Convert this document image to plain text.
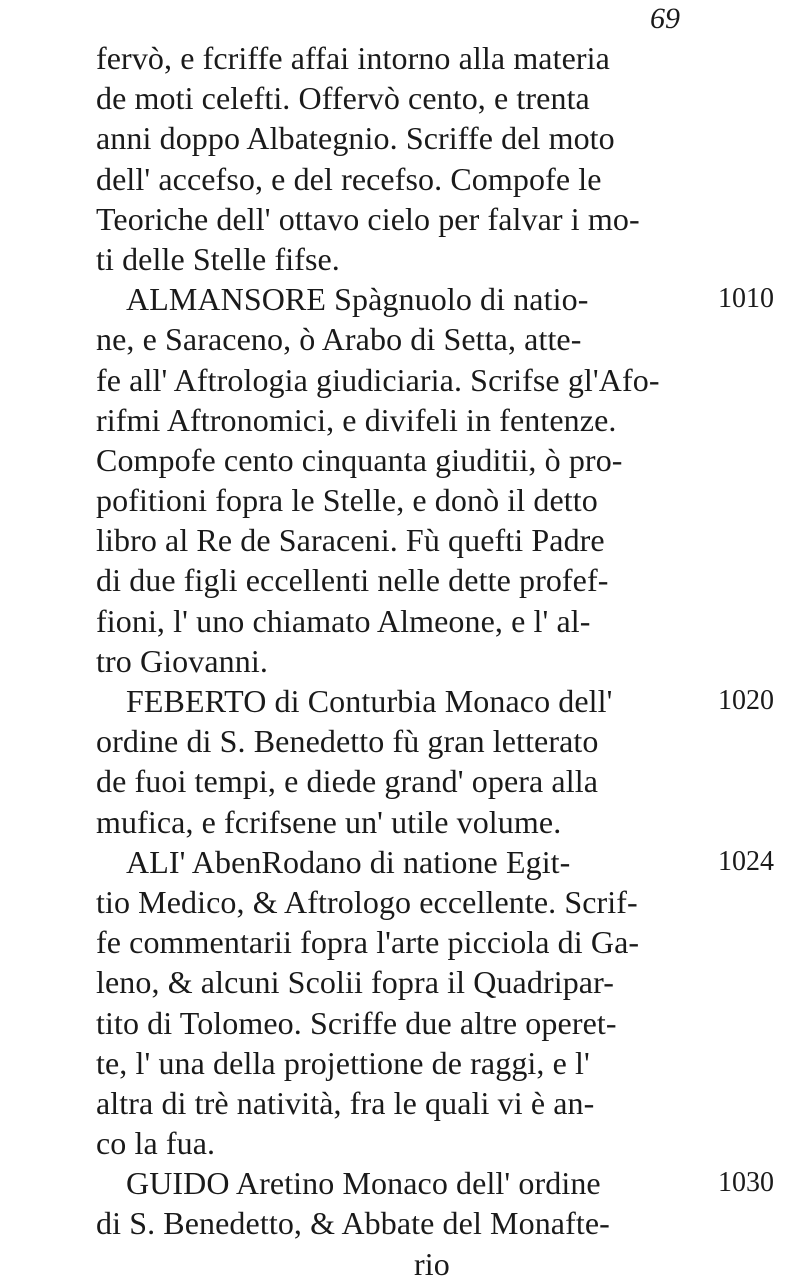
69
fervò, e fcriffe affai intorno alla materia
de moti celefti. Offervò cento, e trenta
anni doppo Albategnio. Scriffe del moto
dell' accefso, e del recefso. Compofe le
Teoriche dell' ottavo cielo per falvar i mo-
ti delle Stelle fifse.
ALMANSORE Spàgnuolo di natio-
ne, e Saraceno, ò Arabo di Setta, atte-
fe all' Aftrologia giudiciaria. Scrifse gl'Afo-
rifmi Aftronomici, e divifeli in fentenze.
Compofe cento cinquanta giuditii, ò pro-
pofitioni fopra le Stelle, e donò il detto
libro al Re de Saraceni. Fù quefti Padre
di due figli eccellenti nelle dette profef-
fioni, l' uno chiamato Almeone, e l' al-
tro Giovanni.
FEBERTO di Conturbia Monaco dell'
ordine di S. Benedetto fù gran letterato
de fuoi tempi, e diede grand' opera alla
mufica, e fcrifsene un' utile volume.
ALI' AbenRodano di natione Egit-
tio Medico, & Aftrologo eccellente. Scrif-
fe commentarii fopra l'arte picciola di Ga-
leno, & alcuni Scolii fopra il Quadripar-
tito di Tolomeo. Scriffe due altre operet-
te, l' una della projettione de raggi, e l'
altra di trè natività, fra le quali vi è an-
co la fua.
GUIDO Aretino Monaco dell' ordine
di S. Benedetto, & Abbate del Monafte-
rio
1010
1020
1024
1030
